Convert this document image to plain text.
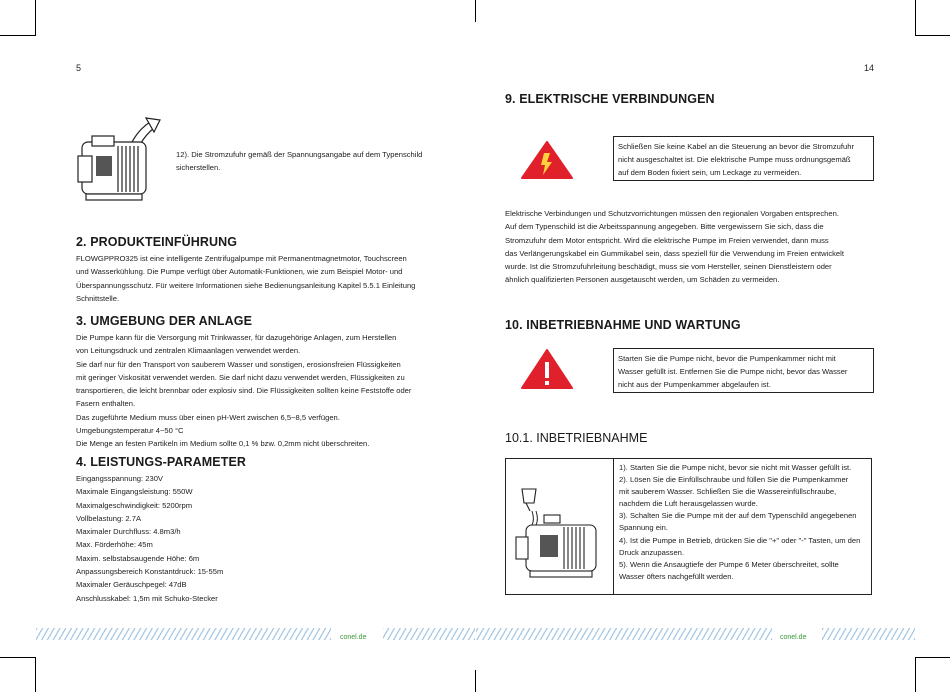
5
12). Die Stromzufuhr gemäß der Spannungsangabe auf dem Typenschild
sicherstellen.
2. PRODUKTEINFÜHRUNG
FLOWGPPRO325 ist eine intelligente Zentrifugalpumpe mit Permanentmagnetmotor, Touchscreen
und Wasserkühlung. Die Pumpe verfügt über Automatik-Funktionen, wie zum Beispiel Motor- und
Überspannungsschutz. Für weitere Informationen siehe Bedienungsanleitung Kapitel 5.5.1 Einleitung
Schnittstelle.
3. UMGEBUNG DER ANLAGE
Die Pumpe kann für die Versorgung mit Trinkwasser, für dazugehörige Anlagen, zum Herstellen
von Leitungsdruck und zentralen Klimaanlagen verwendet werden.
Sie darf nur für den Transport von sauberem Wasser und sonstigen, erosionsfreien Flüssigkeiten
mit geringer Viskosität verwendet werden. Sie darf nicht dazu verwendet werden, Flüssigkeiten zu
transportieren, die leicht brennbar oder explosiv sind. Die Flüssigkeiten sollten keine Feststoffe oder
Fasern enthalten.
Das zugeführte Medium muss über einen pH-Wert zwischen 6,5~8,5 verfügen.
Umgebungstemperatur 4~50 °C
Die Menge an festen Partikeln im Medium sollte 0,1 % bzw. 0,2mm nicht überschreiten.
4. LEISTUNGS-PARAMETER
Eingangsspannung: 230V
Maximale Eingangsleistung: 550W
Maximalgeschwindigkeit: 5200rpm
Vollbelastung: 2.7A
Maximaler Durchfluss: 4.8m3/h
Max. Förderhöhe: 45m
Maxim. selbstabsaugende Höhe: 6m
Anpassungsbereich Konstantdruck: 15-55m
Maximaler Geräuschpegel: 47dB
Anschlusskabel: 1,5m mit Schuko-Stecker
conel.de
14
9. ELEKTRISCHE VERBINDUNGEN
Schließen Sie keine Kabel an die Steuerung an bevor die Stromzufuhr
nicht ausgeschaltet ist. Die elektrische Pumpe muss ordnungsgemäß
auf dem Boden fixiert sein, um Leckage zu vermeiden.
Elektrische Verbindungen und Schutzvorrichtungen müssen den regionalen Vorgaben entsprechen.
Auf dem Typenschild ist die Arbeitsspannung angegeben. Bitte vergewissern Sie sich, dass die
Stromzufuhr dem Motor entspricht. Wird die elektrische Pumpe im Freien verwendet, dann muss
das Verlängerungskabel ein Gummikabel sein, dass speziell für die Verwendung im Freien entwickelt
wurde. Ist die Stromzufuhrleitung beschädigt, muss sie vom Hersteller, seinen Dienstleistern oder
ähnlich qualifizierten Personen ausgetauscht werden, um Schäden zu vermeiden.
10. INBETRIEBNAHME UND WARTUNG
Starten Sie die Pumpe nicht, bevor die Pumpenkammer nicht mit
Wasser gefüllt ist. Entfernen Sie die Pumpe nicht, bevor das Wasser
nicht aus der Pumpenkammer abgelaufen ist.
10.1. INBETRIEBNAHME
1). Starten Sie die Pumpe nicht, bevor sie nicht mit Wasser gefüllt ist.
2). Lösen Sie die Einfüllschraube und füllen Sie die Pumpenkammer
mit sauberem Wasser. Schließen Sie die Wassereinfüllschraube,
nachdem die Luft herausgelassen wurde.
3). Schalten Sie die Pumpe mit der auf dem Typenschild angegebenen
Spannung ein.
4). Ist die Pumpe in Betrieb, drücken Sie die "+" oder "-" Tasten, um den
Druck anzupassen.
5). Wenn die Ansaugtiefe der Pumpe 6 Meter überschreitet, sollte
Wasser öfters nachgefüllt werden.
conel.de
